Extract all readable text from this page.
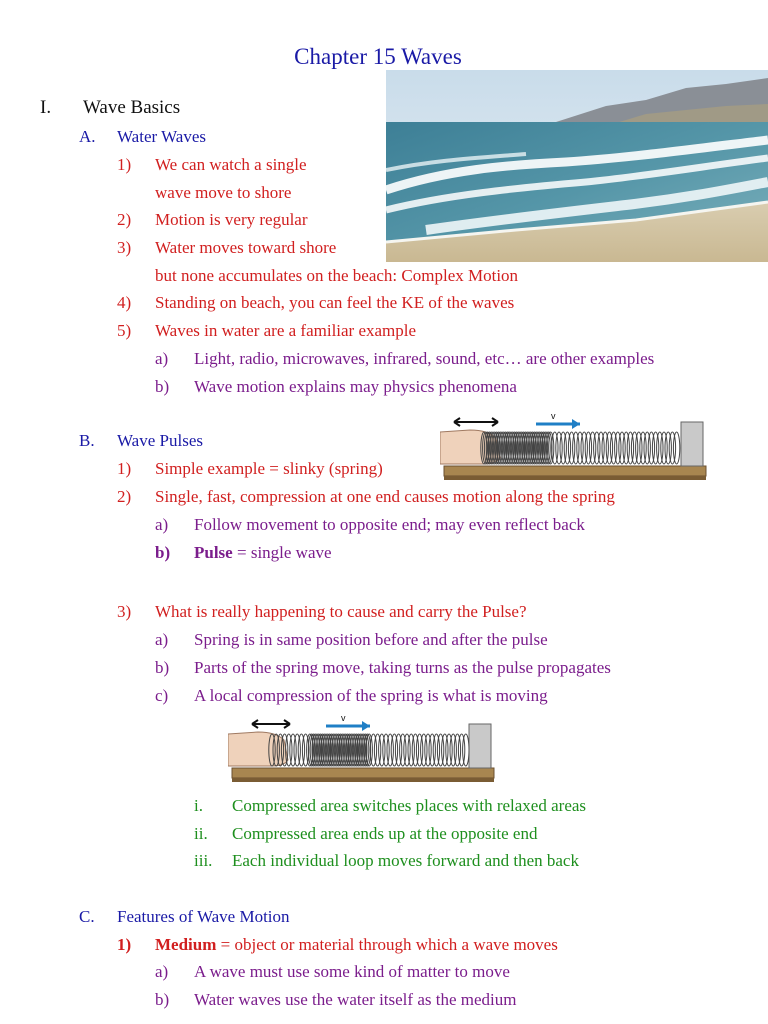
Chapter 15 Waves
I. Wave Basics
A. Water Waves
1) We can watch a single
wave move to shore
2) Motion is very regular
3) Water moves toward shore
but none accumulates on the beach: Complex Motion
4) Standing on beach, you can feel the KE of the waves
5) Waves in water are a familiar example
a) Light, radio, microwaves, infrared, sound, etc… are other examples
b) Wave motion explains may physics phenomena
B. Wave Pulses
1) Simple example = slinky (spring)
2) Single, fast, compression at one end causes motion along the spring
a) Follow movement to opposite end; may even reflect back
b) Pulse = single wave
3) What is really happening to cause and carry the Pulse?
a) Spring is in same position before and after the pulse
b) Parts of the spring move, taking turns as the pulse propagates
c) A local compression of the spring is what is moving
v
v
i. Compressed area switches places with relaxed areas
ii. Compressed area ends up at the opposite end
iii. Each individual loop moves forward and then back
C. Features of Wave Motion
1) Medium = object or material through which a wave moves
a) A wave must use some kind of matter to move
b) Water waves use the water itself as the medium
